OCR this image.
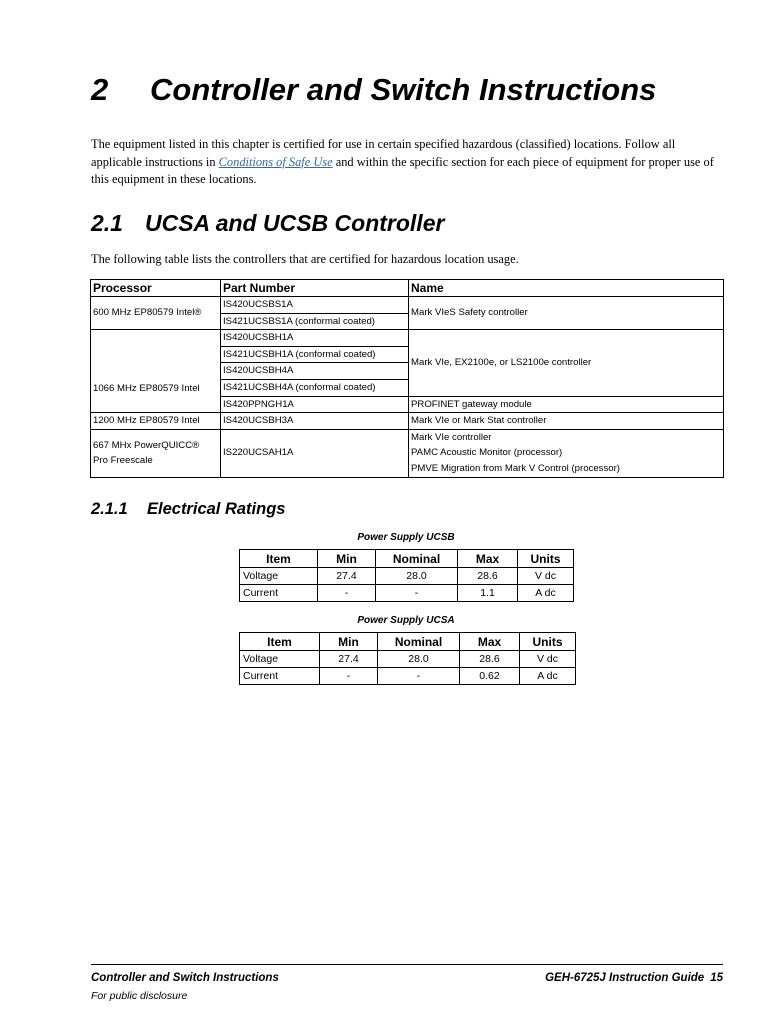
2 Controller and Switch Instructions

The equipment listed in this chapter is certified for use in certain specified hazardous (classified) locations. Follow all applicable instructions in Conditions of Safe Use and within the specific section for each piece of equipment for proper use of this equipment in these locations.

2.1 UCSA and UCSB Controller

The following table lists the controllers that are certified for hazardous location usage.

Processor	Part Number	Name
600 MHz EP80579 Intel®	IS420UCSBS1A	Mark VIeS Safety controller
	IS421UCSBS1A (conformal coated)	

1066 MHz EP80579 Intel	IS420UCSBH1A	Mark VIe, EX2100e, or LS2100e controller
	IS421UCSBH1A (conformal coated)	
	IS420UCSBH4A	
	IS421UCSBH4A (conformal coated)	
	IS420PPNGH1A	PROFINET gateway module
1200 MHz EP80579 Intel	IS420UCSBH3A	Mark VIe or Mark Stat controller

667 MHx PowerQUICC®
Pro Freescale	IS220UCSAH1A	Mark VIe controller
PAMC Acoustic Monitor (processor)
PMVE Migration from Mark V Control (processor)
2.1.1 Electrical Ratings

Power Supply UCSB

Item	Min	Nominal	Max	Units
Voltage	27.4	28.0	28.6	V dc
Current	-	-	1.1	A dc

Power Supply UCSA

Item	Min	Nominal	Max	Units
Voltage	27.4	28.0	28.6	V dc
Current	-	-	0.62	A dc

Controller and Switch Instructions

For public disclosure

GEH-6725J Instruction Guide 15
